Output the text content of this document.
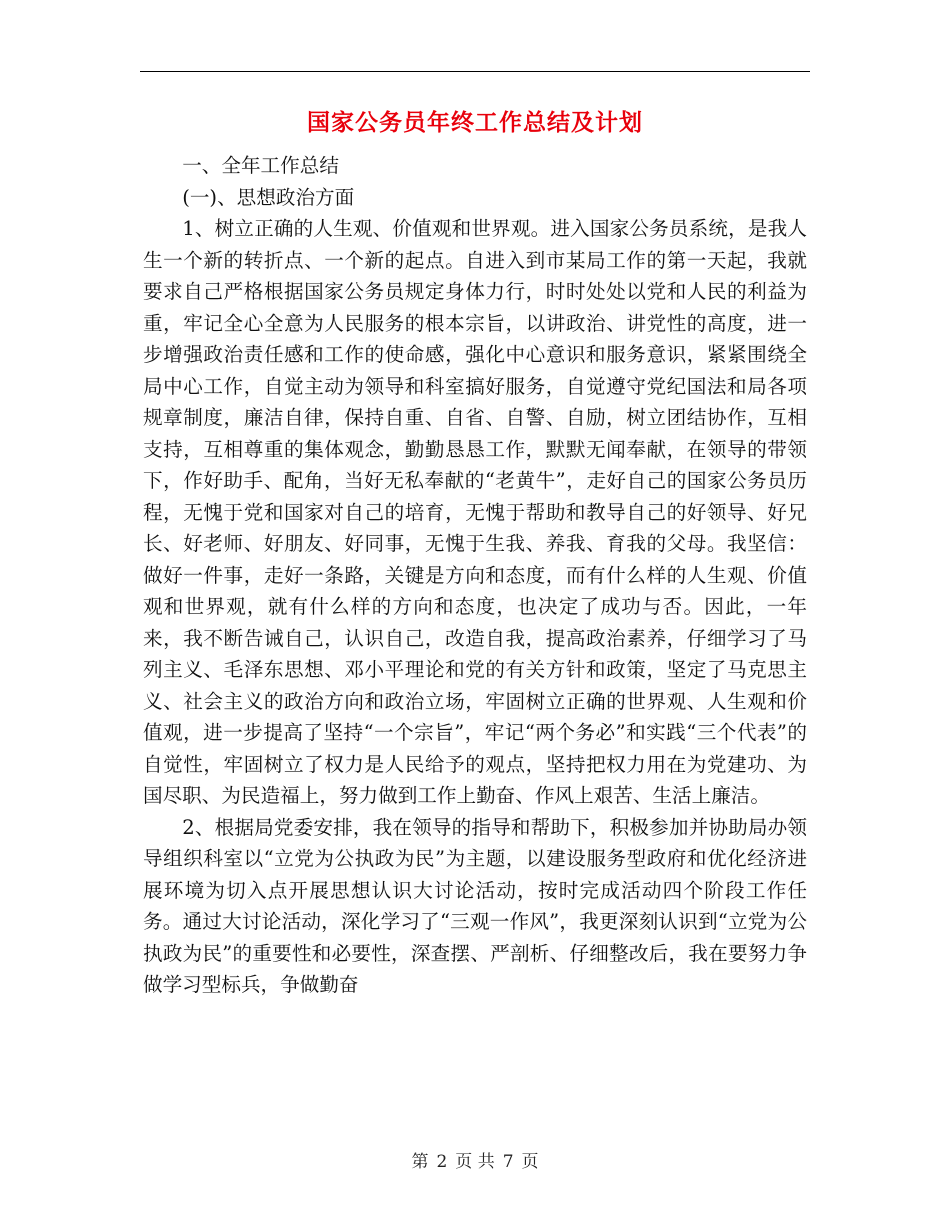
国家公务员年终工作总结及计划

一、全年工作总结

(一)、思想政治方面

1、树立正确的人生观、价值观和世界观。进入国家公务员系统，是我人生一个新的转折点、一个新的起点。自进入到市某局工作的第一天起，我就要求自己严格根据国家公务员规定身体力行，时时处处以党和人民的利益为重，牢记全心全意为人民服务的根本宗旨，以讲政治、讲党性的高度，进一步增强政治责任感和工作的使命感，强化中心意识和服务意识，紧紧围绕全局中心工作，自觉主动为领导和科室搞好服务，自觉遵守党纪国法和局各项规章制度，廉洁自律，保持自重、自省、自警、自励，树立团结协作，互相支持，互相尊重的集体观念，勤勤恳恳工作，默默无闻奉献，在领导的带领下，作好助手、配角，当好无私奉献的“老黄牛”，走好自己的国家公务员历程，无愧于党和国家对自己的培育，无愧于帮助和教导自己的好领导、好兄长、好老师、好朋友、好同事，无愧于生我、养我、育我的父母。我坚信：做好一件事，走好一条路，关键是方向和态度，而有什么样的人生观、价值观和世界观，就有什么样的方向和态度，也决定了成功与否。因此，一年来，我不断告诫自己，认识自己，改造自我，提高政治素养，仔细学习了马列主义、毛泽东思想、邓小平理论和党的有关方针和政策，坚定了马克思主义、社会主义的政治方向和政治立场，牢固树立正确的世界观、人生观和价值观，进一步提高了坚持“一个宗旨”，牢记“两个务必”和实践“三个代表”的自觉性，牢固树立了权力是人民给予的观点，坚持把权力用在为党建功、为国尽职、为民造福上，努力做到工作上勤奋、作风上艰苦、生活上廉洁。

2、根据局党委安排，我在领导的指导和帮助下，积极参加并协助局办领导组织科室以“立党为公执政为民”为主题，以建设服务型政府和优化经济进展环境为切入点开展思想认识大讨论活动，按时完成活动四个阶段工作任务。通过大讨论活动，深化学习了“三观一作风”，我更深刻认识到“立党为公执政为民”的重要性和必要性，深查摆、严剖析、仔细整改后，我在要努力争做学习型标兵，争做勤奋

第 2 页 共 7 页
